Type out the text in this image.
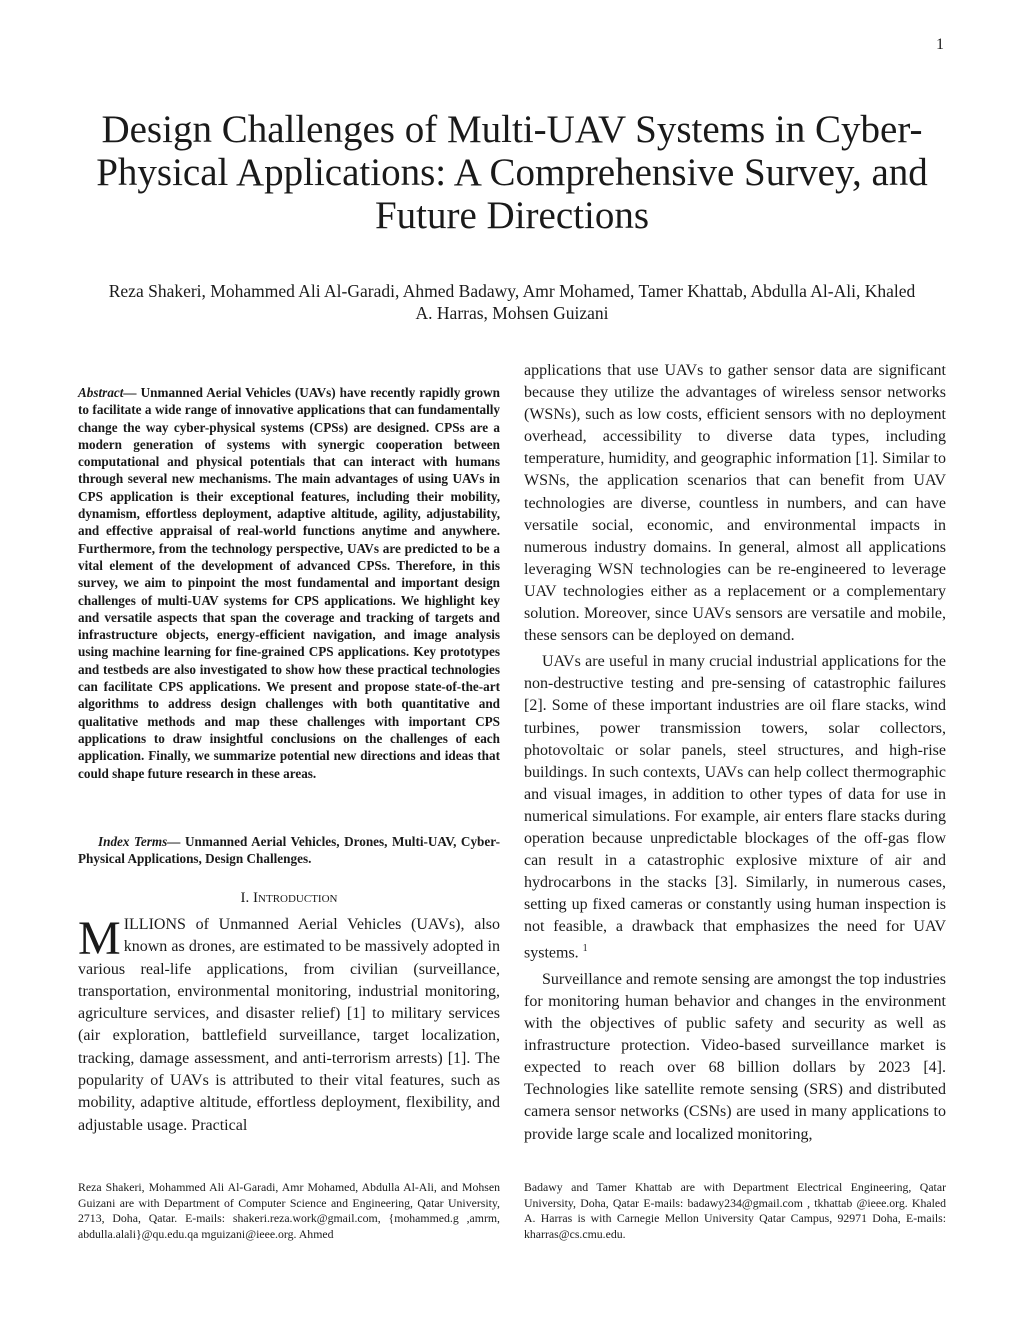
1
Design Challenges of Multi-UAV Systems in Cyber-Physical Applications: A Comprehensive Survey, and Future Directions

Reza Shakeri, Mohammed Ali Al-Garadi, Ahmed Badawy, Amr Mohamed, Tamer Khattab, Abdulla Al-Ali, Khaled A. Harras, Mohsen Guizani

Abstract— Unmanned Aerial Vehicles (UAVs) have recently rapidly grown to facilitate a wide range of innovative applications that can fundamentally change the way cyber-physical systems (CPSs) are designed. CPSs are a modern generation of systems with synergic cooperation between computational and physical potentials that can interact with humans through several new mechanisms. The main advantages of using UAVs in CPS application is their exceptional features, including their mobility, dynamism, effortless deployment, adaptive altitude, agility, adjustability, and effective appraisal of real-world functions anytime and anywhere. Furthermore, from the technology perspective, UAVs are predicted to be a vital element of the development of advanced CPSs. Therefore, in this survey, we aim to pinpoint the most fundamental and important design challenges of multi-UAV systems for CPS applications. We highlight key and versatile aspects that span the coverage and tracking of targets and infrastructure objects, energy-efficient navigation, and image analysis using machine learning for fine-grained CPS applications. Key prototypes and testbeds are also investigated to show how these practical technologies can facilitate CPS applications. We present and propose state-of-the-art algorithms to address design challenges with both quantitative and qualitative methods and map these challenges with important CPS applications to draw insightful conclusions on the challenges of each application. Finally, we summarize potential new directions and ideas that could shape future research in these areas.

Index Terms— Unmanned Aerial Vehicles, Drones, Multi-UAV, Cyber-Physical Applications, Design Challenges.

I. Introduction

MILLIONS of Unmanned Aerial Vehicles (UAVs), also known as drones, are estimated to be massively adopted in various real-life applications, from civilian (surveillance, transportation, environmental monitoring, industrial monitoring, agriculture services, and disaster relief) [1] to military services (air exploration, battlefield surveillance, target localization, tracking, damage assessment, and anti-terrorism arrests) [1]. The popularity of UAVs is attributed to their vital features, such as mobility, adaptive altitude, effortless deployment, flexibility, and adjustable usage. Practical

applications that use UAVs to gather sensor data are significant because they utilize the advantages of wireless sensor networks (WSNs), such as low costs, efficient sensors with no deployment overhead, accessibility to diverse data types, including temperature, humidity, and geographic information [1]. Similar to WSNs, the application scenarios that can benefit from UAV technologies are diverse, countless in numbers, and can have versatile social, economic, and environmental impacts in numerous industry domains. In general, almost all applications leveraging WSN technologies can be re-engineered to leverage UAV technologies either as a replacement or a complementary solution. Moreover, since UAVs sensors are versatile and mobile, these sensors can be deployed on demand.

UAVs are useful in many crucial industrial applications for the non-destructive testing and pre-sensing of catastrophic failures [2]. Some of these important industries are oil flare stacks, wind turbines, power transmission towers, solar collectors, photovoltaic or solar panels, steel structures, and high-rise buildings. In such contexts, UAVs can help collect thermographic and visual images, in addition to other types of data for use in numerical simulations. For example, air enters flare stacks during operation because unpredictable blockages of the off-gas flow can result in a catastrophic explosive mixture of air and hydrocarbons in the stacks [3]. Similarly, in numerous cases, setting up fixed cameras or constantly using human inspection is not feasible, a drawback that emphasizes the need for UAV systems. $^1$

Surveillance and remote sensing are amongst the top industries for monitoring human behavior and changes in the environment with the objectives of public safety and security as well as infrastructure protection. Video-based surveillance market is expected to reach over 68 billion dollars by 2023 [4]. Technologies like satellite remote sensing (SRS) and distributed camera sensor networks (CSNs) are used in many applications to provide large scale and localized monitoring,

Reza Shakeri, Mohammed Ali Al-Garadi, Amr Mohamed, Abdulla Al-Ali, and Mohsen Guizani are with Department of Computer Science and Engineering, Qatar University, 2713, Doha, Qatar. E-mails: shakeri.reza.work@gmail.com, {mohammed.g ,amrm, abdulla.alali}@qu.edu.qa mguizani@ieee.org. Ahmed

Badawy and Tamer Khattab are with Department Electrical Engineering, Qatar University, Doha, Qatar E-mails: badawy234@gmail.com , tkhattab @ieee.org. Khaled A. Harras is with Carnegie Mellon University Qatar Campus, 92971 Doha, E-mails: kharras@cs.cmu.edu.
